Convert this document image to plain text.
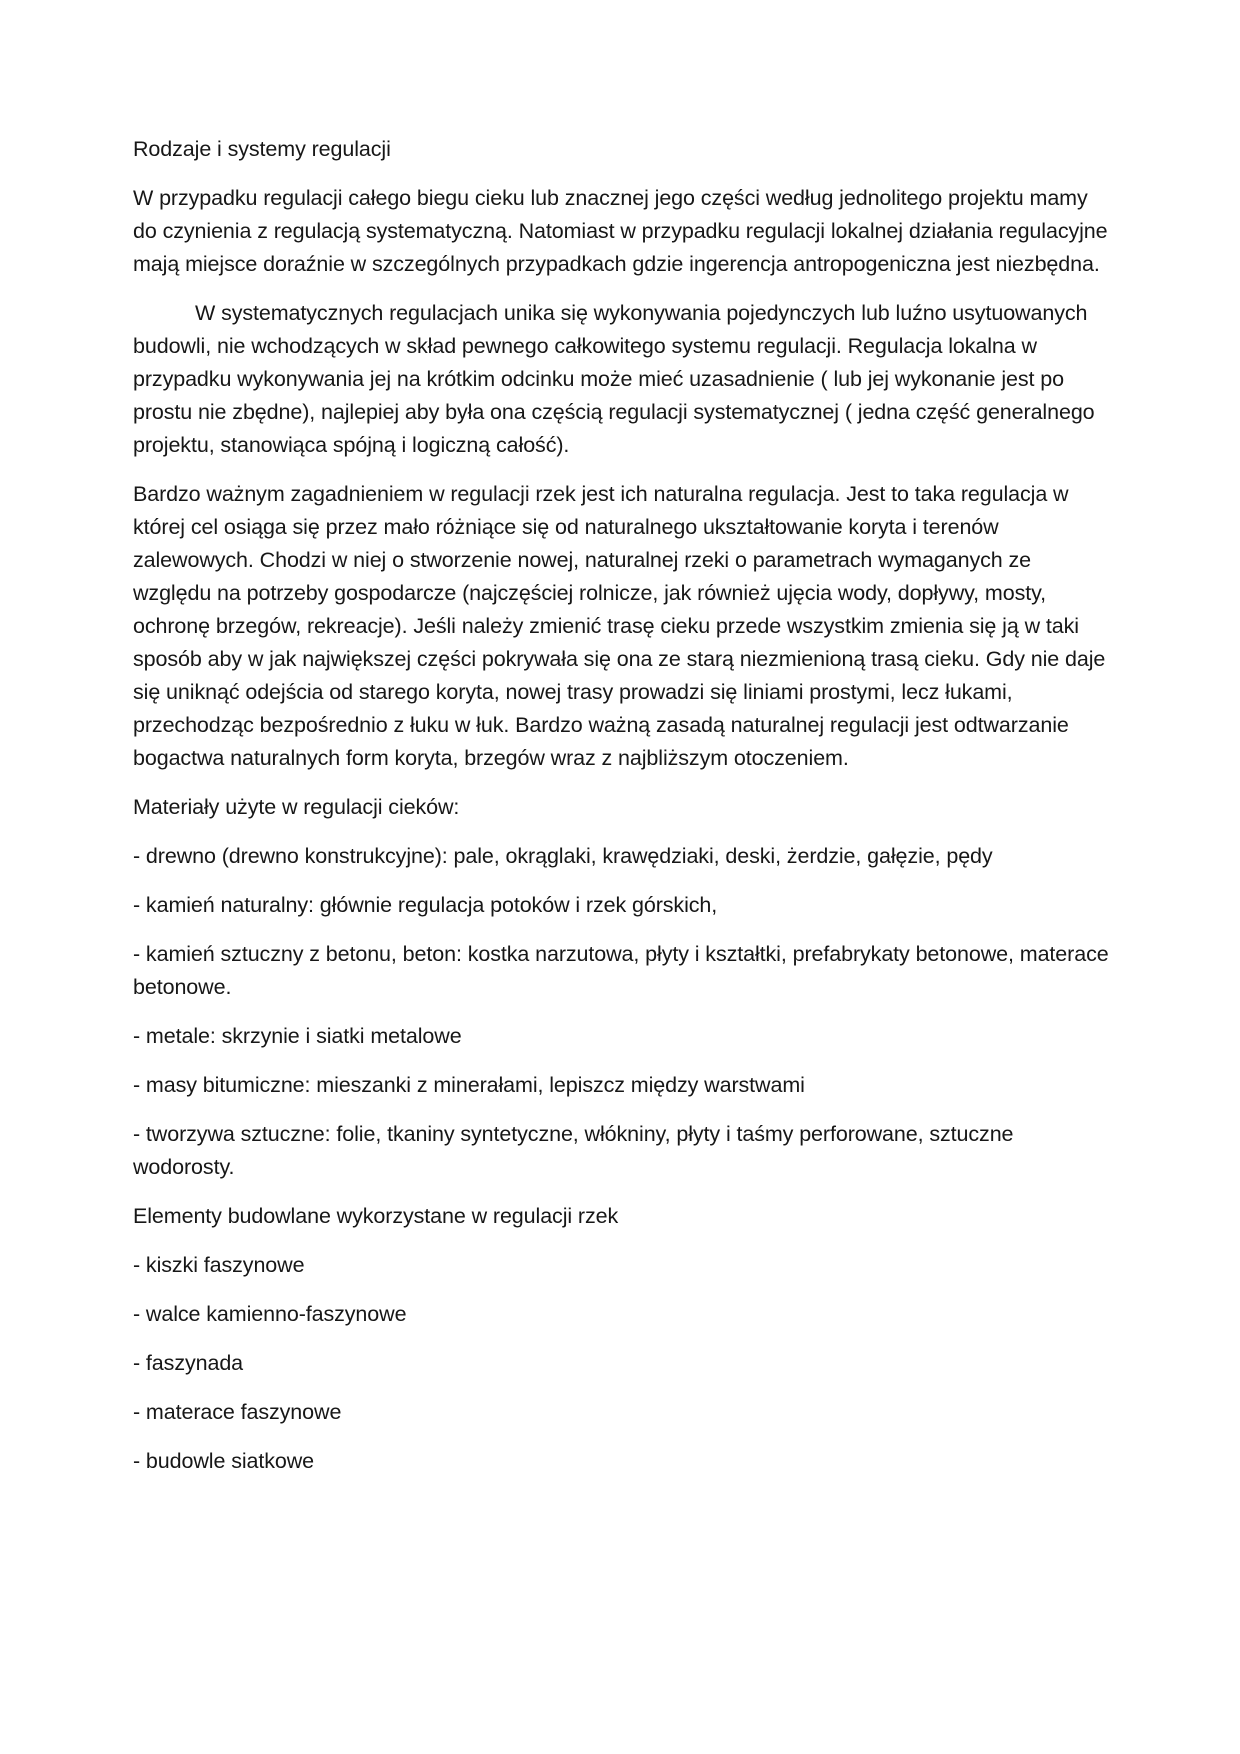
Rodzaje i systemy regulacji

W przypadku regulacji całego biegu cieku lub znacznej jego części według jednolitego projektu mamy do czynienia z regulacją systematyczną. Natomiast w przypadku regulacji lokalnej działania regulacyjne mają miejsce doraźnie w szczególnych przypadkach gdzie ingerencja antropogeniczna jest niezbędna.

W systematycznych regulacjach unika się wykonywania pojedynczych lub luźno usytuowanych budowli, nie wchodzących w skład pewnego całkowitego systemu regulacji. Regulacja lokalna w przypadku wykonywania jej na krótkim odcinku może mieć uzasadnienie ( lub jej wykonanie jest po prostu nie zbędne), najlepiej aby była ona częścią regulacji systematycznej ( jedna część generalnego projektu, stanowiąca spójną i logiczną całość).

Bardzo ważnym zagadnieniem w regulacji rzek jest ich naturalna regulacja. Jest to taka regulacja w której cel osiąga się przez mało różniące się od naturalnego ukształtowanie koryta i terenów zalewowych. Chodzi w niej o stworzenie nowej, naturalnej rzeki o parametrach wymaganych ze względu na potrzeby gospodarcze (najczęściej rolnicze, jak również ujęcia wody, dopływy, mosty, ochronę brzegów, rekreacje). Jeśli należy zmienić trasę cieku przede wszystkim zmienia się ją w taki sposób aby w jak największej części pokrywała się ona ze starą niezmienioną trasą cieku. Gdy nie daje się uniknąć odejścia od starego koryta, nowej trasy prowadzi się liniami prostymi, lecz łukami, przechodząc bezpośrednio z łuku w łuk. Bardzo ważną zasadą naturalnej regulacji jest odtwarzanie bogactwa naturalnych form koryta, brzegów wraz z najbliższym otoczeniem.

Materiały użyte w regulacji cieków:

- drewno (drewno konstrukcyjne): pale, okrąglaki, krawędziaki, deski, żerdzie, gałęzie, pędy

- kamień naturalny: głównie regulacja potoków i rzek górskich,

- kamień sztuczny z betonu, beton: kostka narzutowa, płyty i kształtki, prefabrykaty betonowe, materace betonowe.

- metale: skrzynie i siatki metalowe

- masy bitumiczne: mieszanki z minerałami, lepiszcz między warstwami

- tworzywa sztuczne: folie, tkaniny syntetyczne, włókniny, płyty i taśmy perforowane, sztuczne wodorosty.

Elementy budowlane wykorzystane w regulacji rzek

- kiszki faszynowe

- walce kamienno-faszynowe

- faszynada

- materace faszynowe

- budowle siatkowe
